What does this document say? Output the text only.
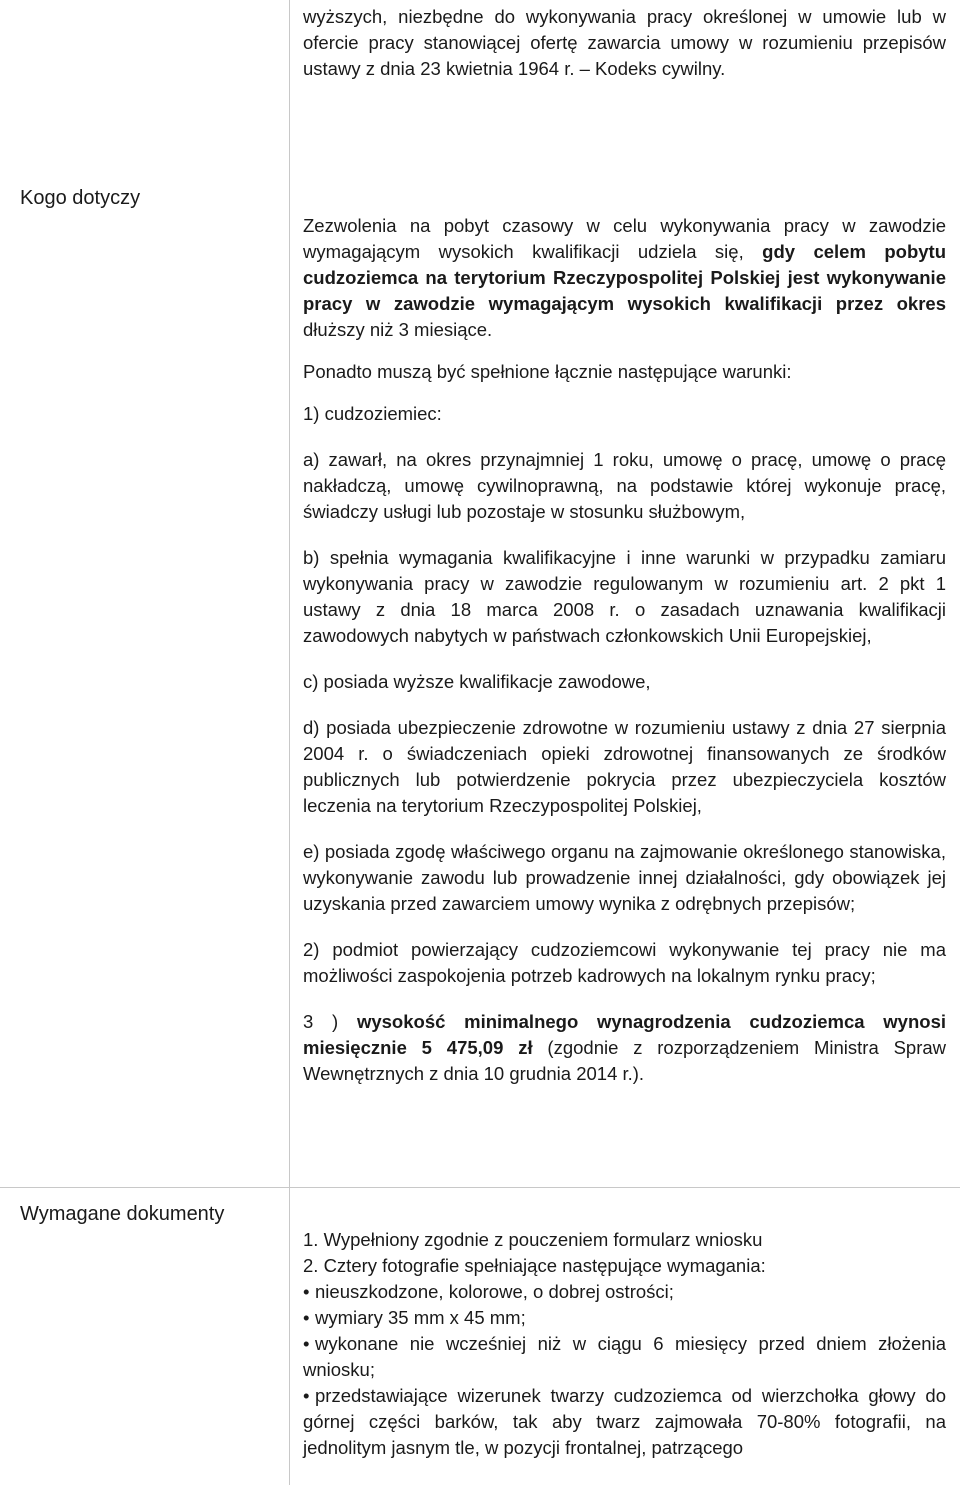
wyższych, niezbędne do wykonywania pracy określonej w umowie lub w ofercie pracy stanowiącej ofertę zawarcia umowy w rozumieniu przepisów ustawy z dnia 23 kwietnia 1964 r. – Kodeks cywilny.

Kogo dotyczy

Zezwolenia na pobyt czasowy w celu wykonywania pracy w zawodzie wymagającym wysokich kwalifikacji udziela się, gdy celem pobytu cudzoziemca na terytorium Rzeczypospolitej Polskiej jest wykonywanie pracy w zawodzie wymagającym wysokich kwalifikacji przez okres dłuższy niż 3 miesiące.

Ponadto muszą być spełnione łącznie następujące warunki:

1) cudzoziemiec:

a) zawarł, na okres przynajmniej 1 roku, umowę o pracę, umowę o pracę nakładczą, umowę cywilnoprawną, na podstawie której wykonuje pracę, świadczy usługi lub pozostaje w stosunku służbowym,

b) spełnia wymagania kwalifikacyjne i inne warunki w przypadku zamiaru wykonywania pracy w zawodzie regulowanym w rozumieniu art. 2 pkt 1 ustawy z dnia 18 marca 2008 r. o zasadach uznawania kwalifikacji zawodowych nabytych w państwach członkowskich Unii Europejskiej,

c) posiada wyższe kwalifikacje zawodowe,

d) posiada ubezpieczenie zdrowotne w rozumieniu ustawy z dnia 27 sierpnia 2004 r. o świadczeniach opieki zdrowotnej finansowanych ze środków publicznych lub potwierdzenie pokrycia przez ubezpieczyciela kosztów leczenia na terytorium Rzeczypospolitej Polskiej,

e) posiada zgodę właściwego organu na zajmowanie określonego stanowiska, wykonywanie zawodu lub prowadzenie innej działalności, gdy obowiązek jej uzyskania przed zawarciem umowy wynika z odrębnych przepisów;

2) podmiot powierzający cudzoziemcowi wykonywanie tej pracy nie ma możliwości zaspokojenia potrzeb kadrowych na lokalnym rynku pracy;

3 ) wysokość minimalnego wynagrodzenia cudzoziemca wynosi miesięcznie 5 475,09 zł (zgodnie z rozporządzeniem Ministra Spraw Wewnętrznych z dnia 10 grudnia 2014 r.).

Wymagane dokumenty

1. Wypełniony zgodnie z pouczeniem formularz wniosku

2. Cztery fotografie spełniające następujące wymagania:

• nieuszkodzone, kolorowe, o dobrej ostrości;
• wymiary 35 mm x 45 mm;
• wykonane nie wcześniej niż w ciągu 6 miesięcy przed dniem złożenia wniosku;
• przedstawiające wizerunek twarzy cudzoziemca od wierzchołka głowy do górnej części barków, tak aby twarz zajmowała 70-80% fotografii, na jednolitym jasnym tle, w pozycji frontalnej, patrzącego
